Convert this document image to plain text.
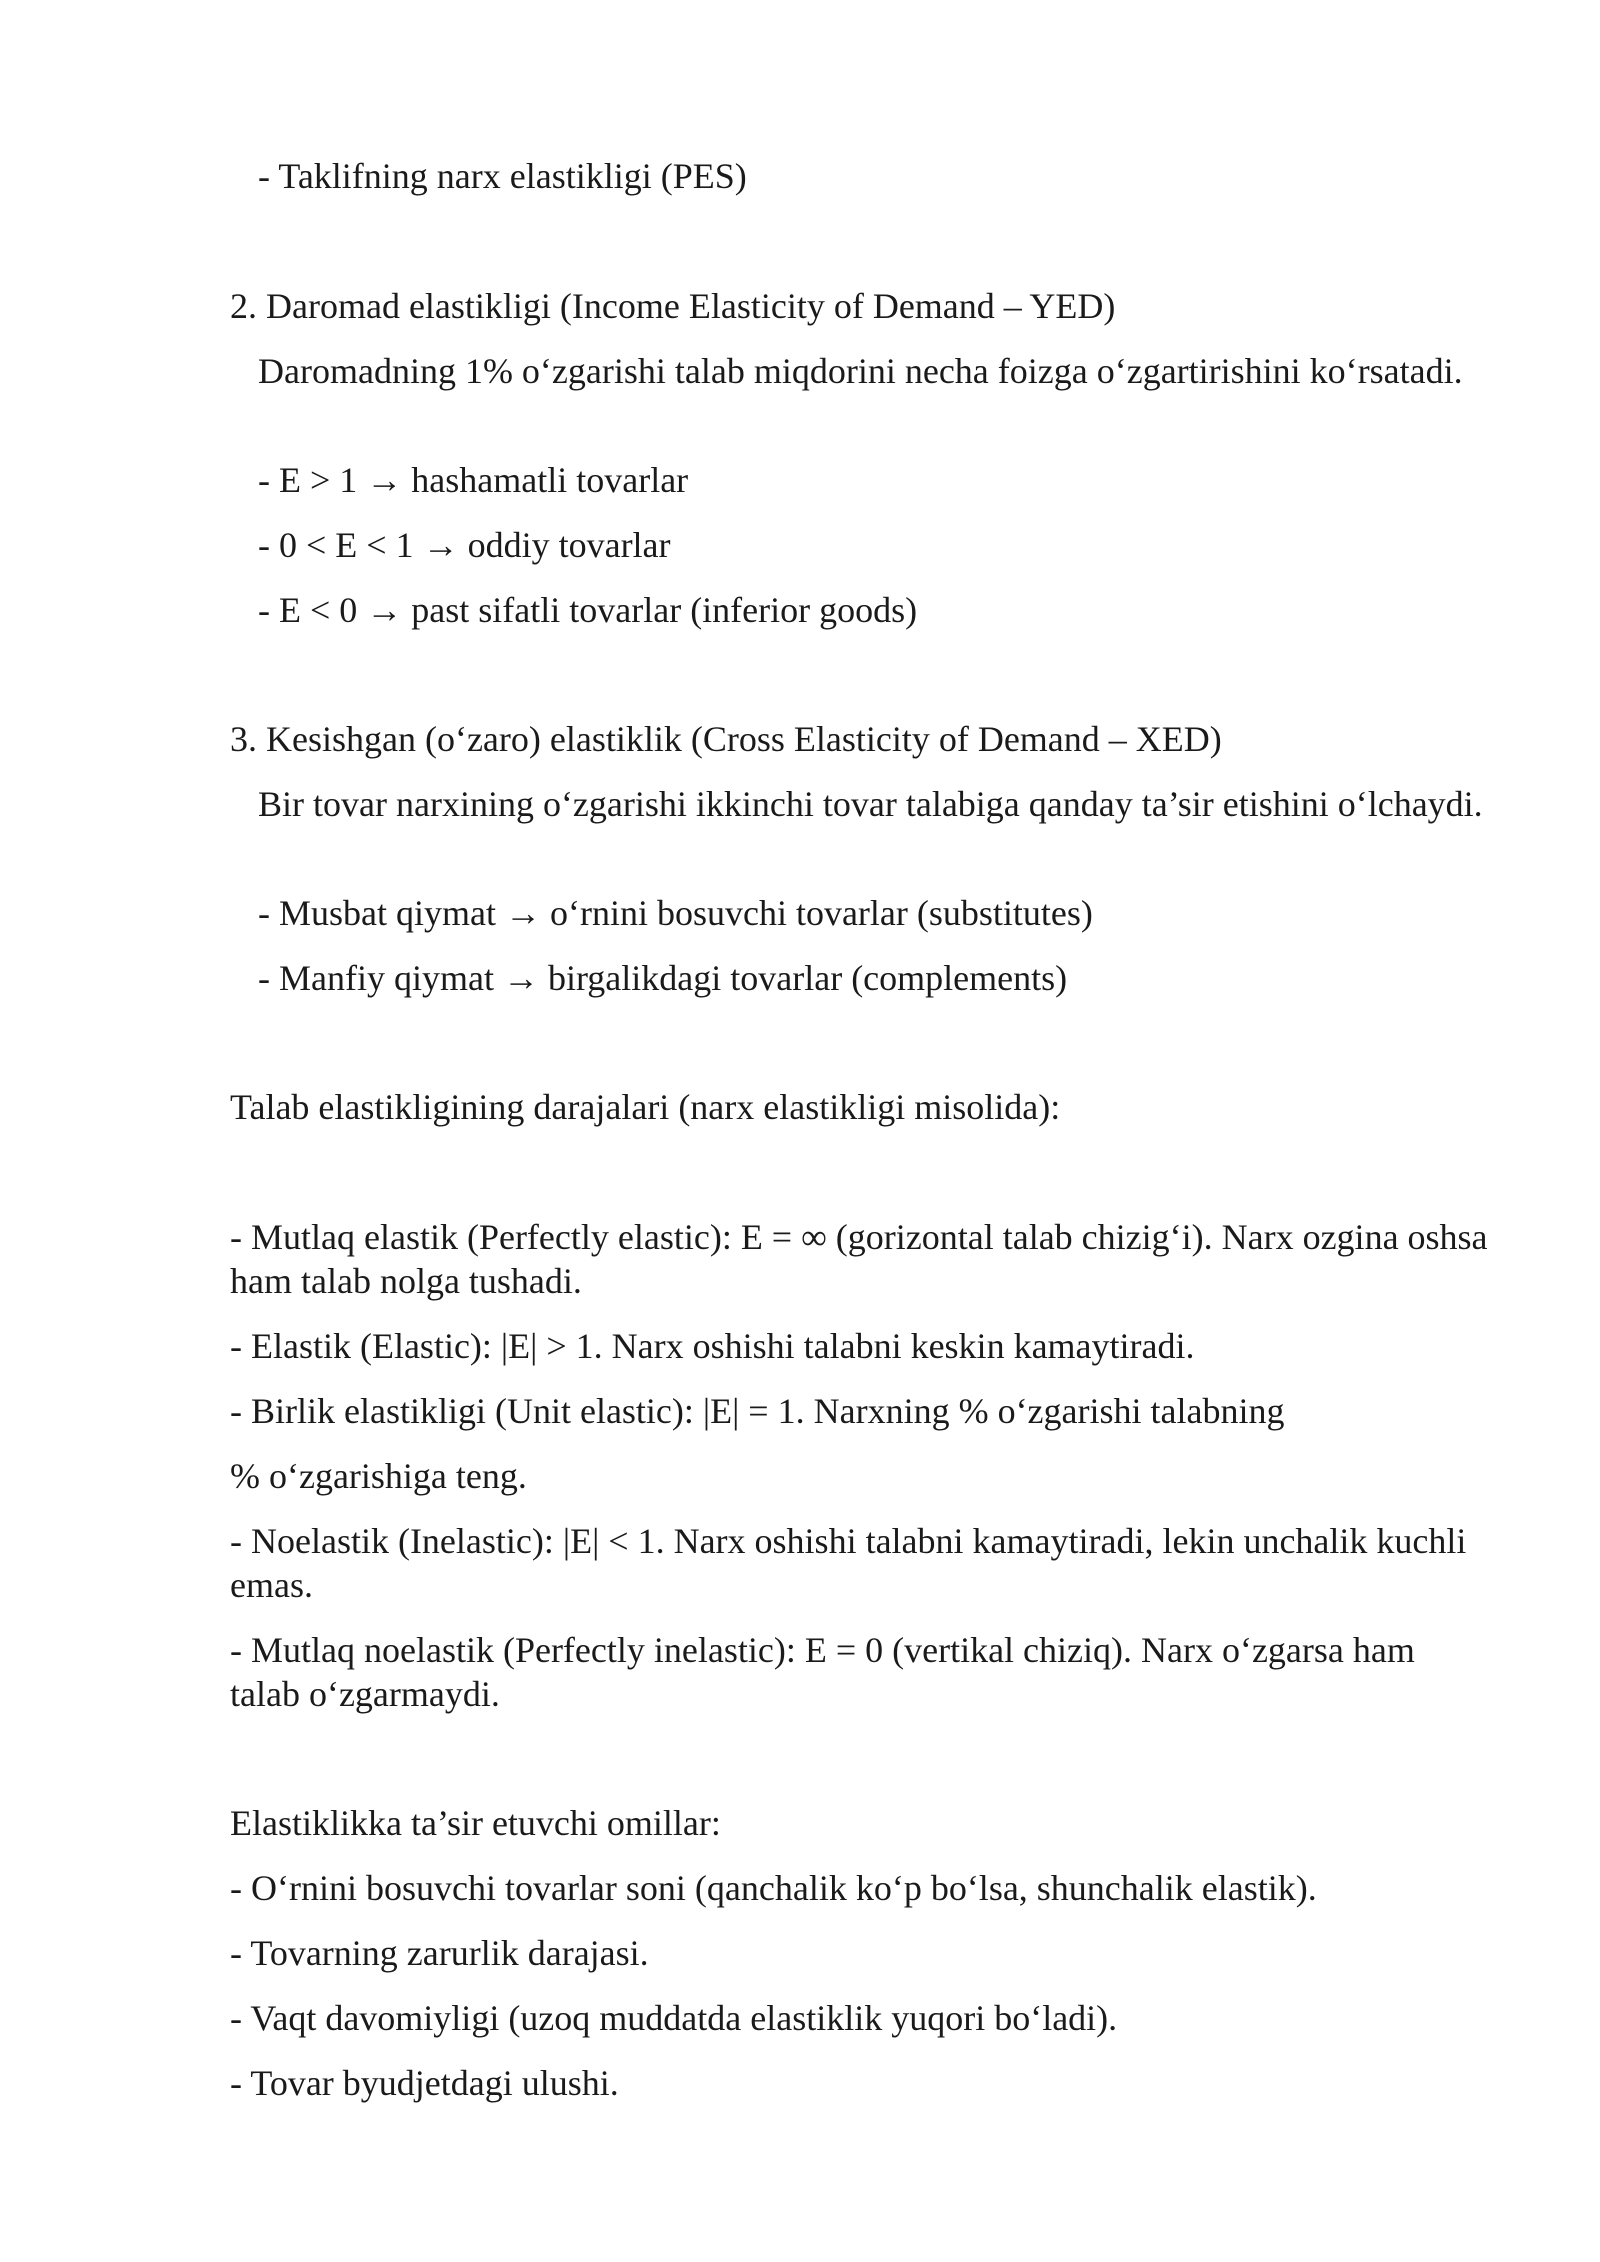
- Taklifning narx elastikligi (PES)
2. Daromad elastikligi (Income Elasticity of Demand – YED)
Daromadning 1% o‘zgarishi talab miqdorini necha foizga o‘zgartirishini ko‘rsatadi.
- E > 1 → hashamatli tovarlar
- 0 < E < 1 → oddiy tovarlar
- E < 0 → past sifatli tovarlar (inferior goods)
3. Kesishgan (o‘zaro) elastiklik (Cross Elasticity of Demand – XED)
Bir tovar narxining o‘zgarishi ikkinchi tovar talabiga qanday ta’sir etishini o‘lchaydi.
- Musbat qiymat → o‘rnini bosuvchi tovarlar (substitutes)
- Manfiy qiymat → birgalikdagi tovarlar (complements)
Talab elastikligining darajalari (narx elastikligi misolida):
- Mutlaq elastik (Perfectly elastic): E = ∞ (gorizontal talab chizig‘i). Narx ozgina oshsa ham talab nolga tushadi.
- Elastik (Elastic): |E| > 1. Narx oshishi talabni keskin kamaytiradi.
- Birlik elastikligi (Unit elastic): |E| = 1. Narxning % o‘zgarishi talabning
% o‘zgarishiga teng.
- Noelastik (Inelastic): |E| < 1. Narx oshishi talabni kamaytiradi, lekin unchalik kuchli emas.
- Mutlaq noelastik (Perfectly inelastic): E = 0 (vertikal chiziq). Narx o‘zgarsa ham talab o‘zgarmaydi.
Elastiklikka ta’sir etuvchi omillar:
- O‘rnini bosuvchi tovarlar soni (qanchalik ko‘p bo‘lsa, shunchalik elastik).
- Tovarning zarurlik darajasi.
- Vaqt davomiyligi (uzoq muddatda elastiklik yuqori bo‘ladi).
- Tovar byudjetdagi ulushi.
